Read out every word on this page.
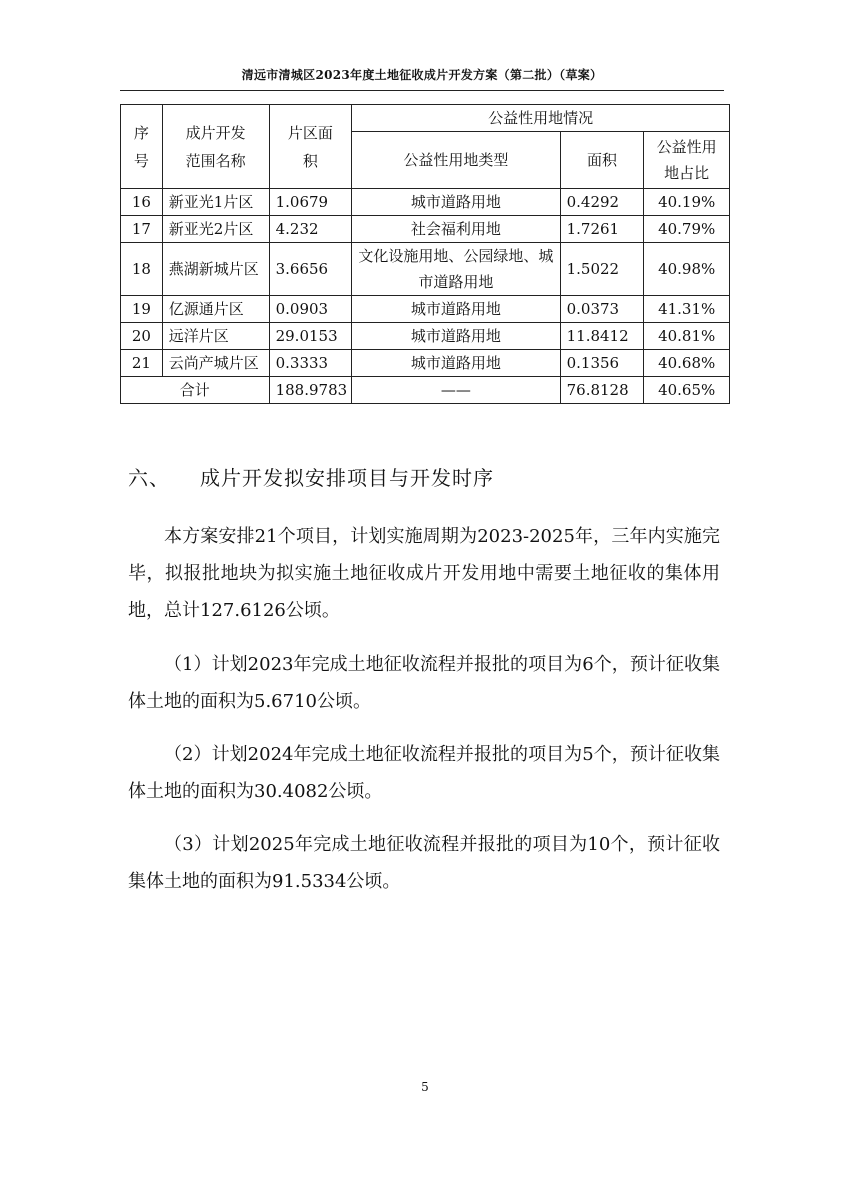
清远市清城区2023年度土地征收成片开发方案（第二批）（草案）
序号	成片开发范围名称	片区面积	公益性用地情况		
			公益性用地类型	面积	公益性用地占比
16	新亚光1片区	1.0679	城市道路用地	0.4292	40.19%
17	新亚光2片区	4.232	社会福利用地	1.7261	40.79%
18	燕湖新城片区	3.6656	文化设施用地、公园绿地、城市道路用地	1.5022	40.98%
19	亿源通片区	0.0903	城市道路用地	0.0373	41.31%
20	远洋片区	29.0153	城市道路用地	11.8412	40.81%
21	云尚产城片区	0.3333	城市道路用地	0.1356	40.68%
合计		188.9783	——	76.8128	40.65%
六、 成片开发拟安排项目与开发时序

本方案安排21个项目，计划实施周期为2023-2025年，三年内实施完毕，拟报批地块为拟实施土地征收成片开发用地中需要土地征收的集体用地，总计127.6126公顷。

（1）计划2023年完成土地征收流程并报批的项目为6个，预计征收集体土地的面积为5.6710公顷。

（2）计划2024年完成土地征收流程并报批的项目为5个，预计征收集体土地的面积为30.4082公顷。

（3）计划2025年完成土地征收流程并报批的项目为10个，预计征收集体土地的面积为91.5334公顷。

5
